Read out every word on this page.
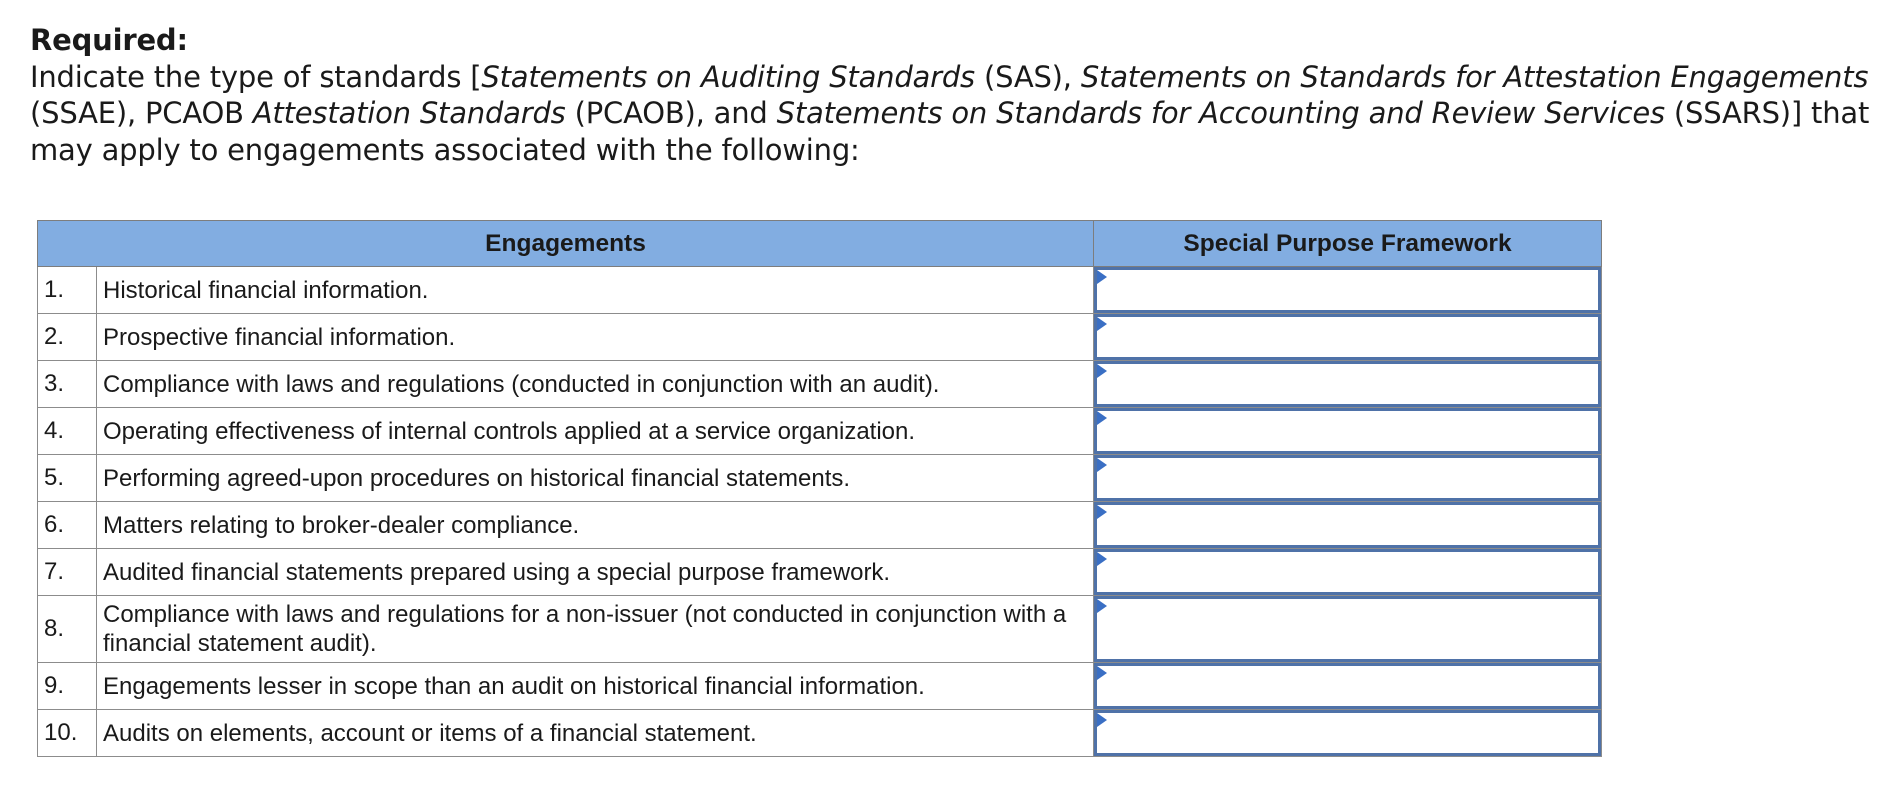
Required:
Indicate the type of standards [Statements on Auditing Standards (SAS), Statements on Standards for Attestation Engagements (SSAE), PCAOB Attestation Standards (PCAOB), and Statements on Standards for Accounting and Review Services (SSARS)] that may apply to engagements associated with the following:
Engagements		Special Purpose Framework
1.	Historical financial information.	

2.	Prospective financial information.	

3.	Compliance with laws and regulations (conducted in conjunction with an audit).	

4.	Operating effectiveness of internal controls applied at a service organization.	

5.	Performing agreed-upon procedures on historical financial statements.	

6.	Matters relating to broker-dealer compliance.	

7.	Audited financial statements prepared using a special purpose framework.	

8.	Compliance with laws and regulations for a non-issuer (not conducted in conjunction with a financial statement audit).	

9.	Engagements lesser in scope than an audit on historical financial information.	

10.	Audits on elements, account or items of a financial statement.	
